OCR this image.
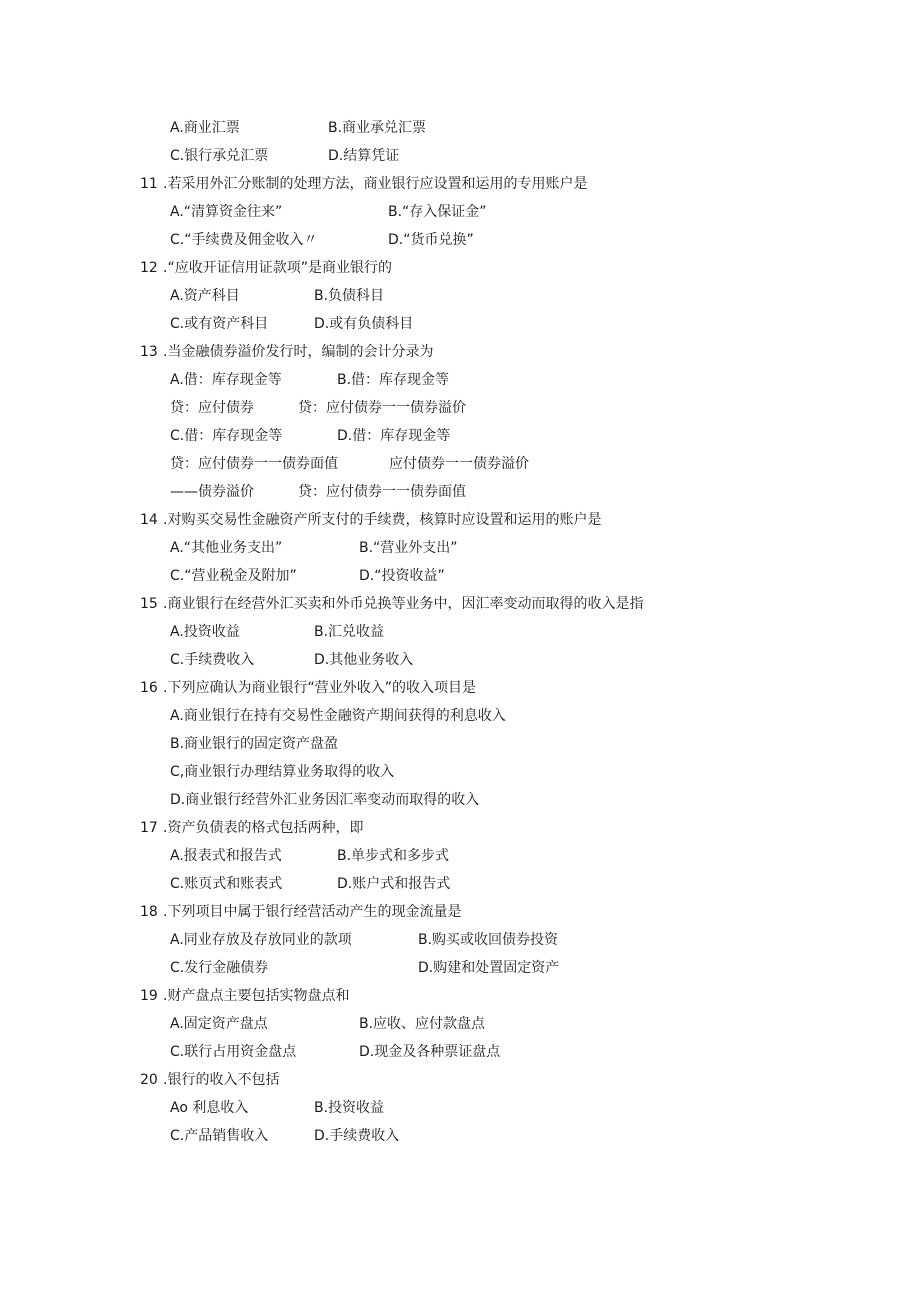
A.商业汇票	B.商业承兑汇票
C.银行承兑汇票	D.结算凭证
11 .若采用外汇分账制的处理方法，商业银行应设置和运用的专用账户是
A.“清算资金往来”	B.“存入保证金”
C.“手续费及佣金收入〃	D.“货币兑换”
12 .“应收开证信用证款项”是商业银行的
A.资产科目	B.负债科目
C.或有资产科目	D.或有负债科目
13 .当金融债券溢价发行时，编制的会计分录为
A.借：库存现金等	B.借：库存现金等
贷：应付债券	贷：应付债券一一债券溢价
C.借：库存现金等	D.借：库存现金等
贷：应付债券一一债券面值	应付债券一一债券溢价
——债券溢价	贷：应付债券一一债券面值
14 .对购买交易性金融资产所支付的手续费，核算时应设置和运用的账户是
A.“其他业务支出”	B.“营业外支出”
C.“营业税金及附加”	D.“投资收益”
15 .商业银行在经营外汇买卖和外币兑换等业务中，因汇率变动而取得的收入是指
A.投资收益	B.汇兑收益
C.手续费收入	D.其他业务收入
16 .下列应确认为商业银行“营业外收入”的收入项目是
A.商业银行在持有交易性金融资产期间获得的利息收入
B.商业银行的固定资产盘盈
C,商业银行办理结算业务取得的收入
D.商业银行经营外汇业务因汇率变动而取得的收入
17 .资产负债表的格式包括两种，即
A.报表式和报告式	B.单步式和多步式
C.账页式和账表式	D.账户式和报告式
18 .下列项目中属于银行经营活动产生的现金流量是
A.同业存放及存放同业的款项	B.购买或收回债券投资
C.发行金融债券	D.购建和处置固定资产
19 .财产盘点主要包括实物盘点和
A.固定资产盘点	B.应收、应付款盘点
C.联行占用资金盘点	D.现金及各种票证盘点
20 .银行的收入不包括
Ao 利息收入	B.投资收益
C.产品销售收入	D.手续费收入
